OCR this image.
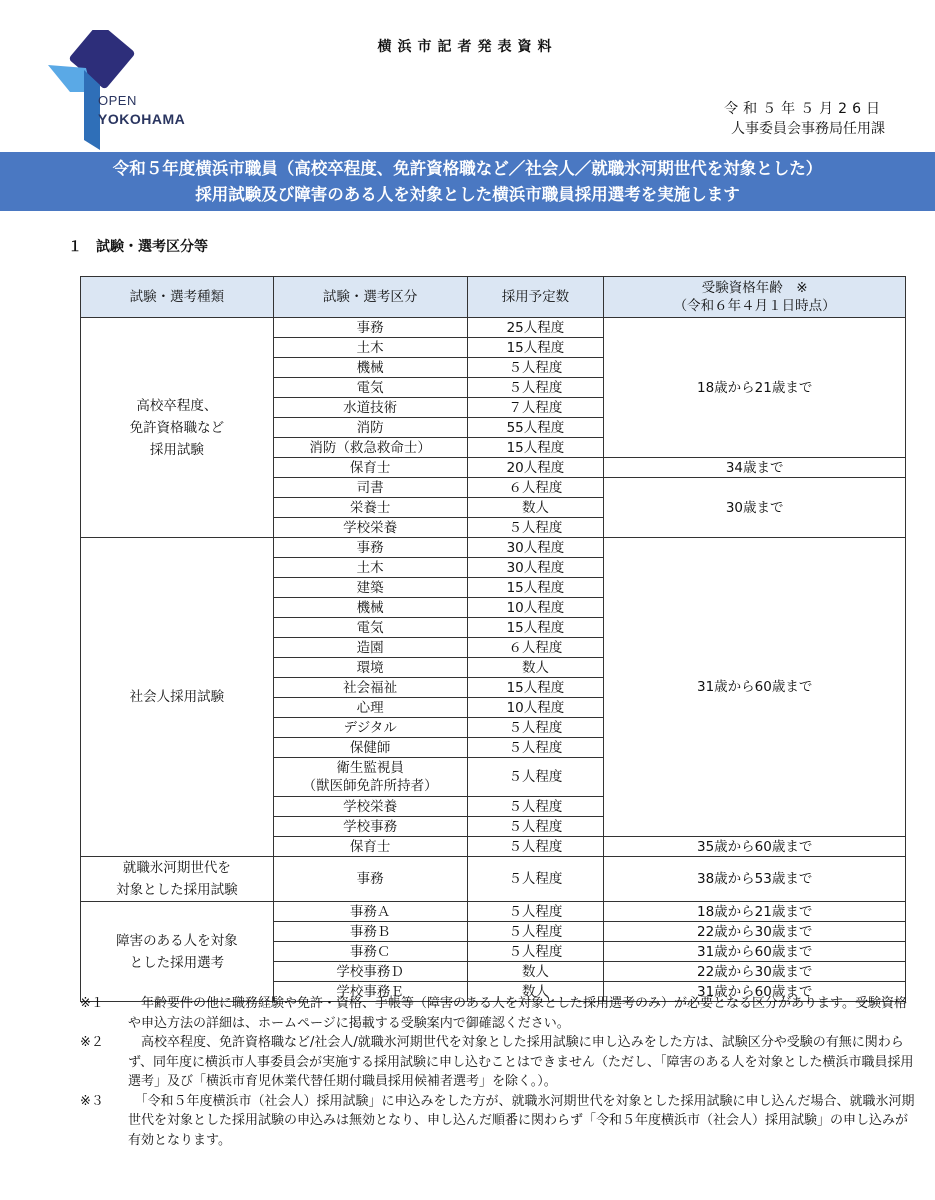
OPEN
YOKOHAMA
横浜市記者発表資料
令和５年５月26日
人事委員会事務局任用課
令和５年度横浜市職員（高校卒程度、免許資格職など／社会人／就職氷河期世代を対象とした）
採用試験及び障害のある人を対象とした横浜市職員採用選考を実施します
１　試験・選考区分等
試験・選考種類	試験・選考区分	採用予定数	受験資格年齢　※
（令和６年４月１日時点）

高校卒程度、
免許資格職など
採用試験	事務	25人程度	18歳から21歳まで

	土木	15人程度	

	機械	５人程度	

	電気	５人程度	

	水道技術	７人程度	

	消防	55人程度	

	消防（救急救命士）	15人程度	

	保育士	20人程度	34歳まで

	司書	６人程度	30歳まで

	栄養士	数人	

	学校栄養	５人程度	

社会人採用試験	事務	30人程度	31歳から60歳まで

	土木	30人程度	

	建築	15人程度	

	機械	10人程度	

	電気	15人程度	

	造園	６人程度	

	環境	数人	

	社会福祉	15人程度	

	心理	10人程度	

	デジタル	５人程度	

	保健師	５人程度	

	衛生監視員
（獣医師免許所持者）	５人程度	

	学校栄養	５人程度	

	学校事務	５人程度	

	保育士	５人程度	35歳から60歳まで

就職氷河期世代を
対象とした採用試験	事務	５人程度	38歳から53歳まで

障害のある人を対象
とした採用選考	事務Ａ	５人程度	18歳から21歳まで

	事務Ｂ	５人程度	22歳から30歳まで

	事務Ｃ	５人程度	31歳から60歳まで

	学校事務Ｄ	数人	22歳から30歳まで

	学校事務Ｅ	数人	31歳から60歳まで
※１	　年齢要件の他に職務経験や免許・資格、手帳等（障害のある人を対象とした採用選考のみ）が必要となる区分があります。受験資格や申込方法の詳細は、ホームページに掲載する受験案内で御確認ください。
※２	　高校卒程度、免許資格職など/社会人/就職氷河期世代を対象とした採用試験に申し込みをした方は、試験区分や受験の有無に関わらず、同年度に横浜市人事委員会が実施する採用試験に申し込むことはできません（ただし、「障害のある人を対象とした横浜市職員採用選考」及び「横浜市育児休業代替任期付職員採用候補者選考」を除く。）。
※３	　「令和５年度横浜市（社会人）採用試験」に申込みをした方が、就職氷河期世代を対象とした採用試験に申し込んだ場合、就職氷河期世代を対象とした採用試験の申込みは無効となり、申し込んだ順番に関わらず「令和５年度横浜市（社会人）採用試験」の申し込みが有効となります。
